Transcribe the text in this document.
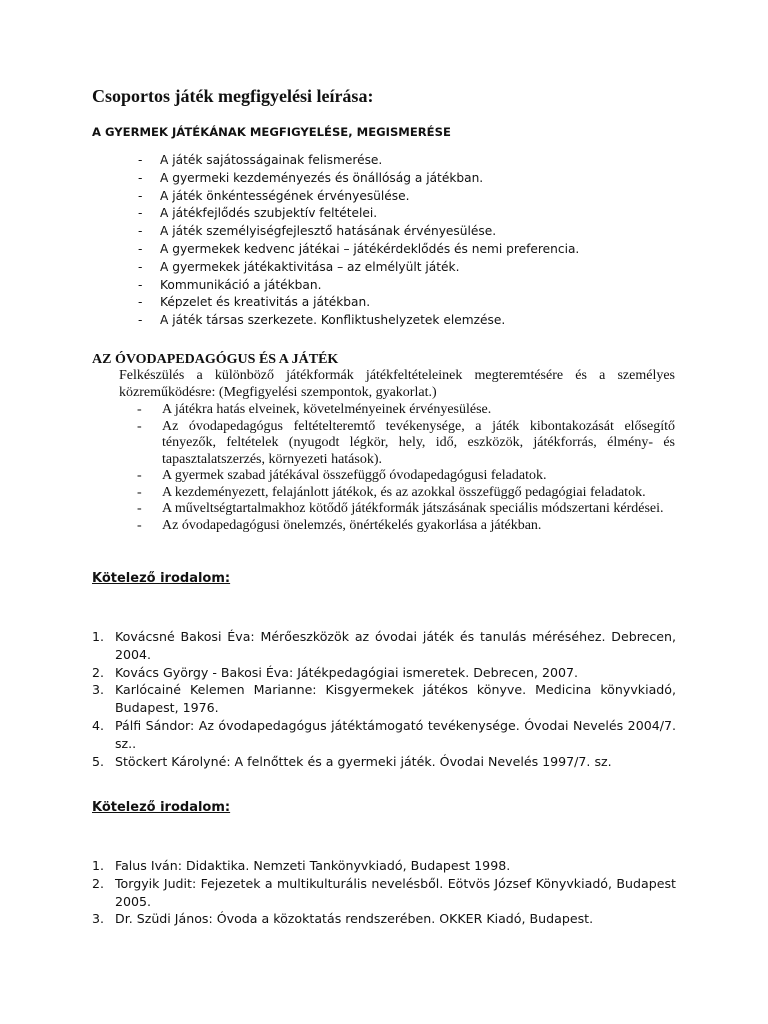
Csoportos játék megfigyelési leírása:
A GYERMEK JÁTÉKÁNAK MEGFIGYELÉSE, MEGISMERÉSE
- A játék sajátosságainak felismerése.
- A gyermeki kezdeményezés és önállóság a játékban.
- A játék önkéntességének érvényesülése.
- A játékfejlődés szubjektív feltételei.
- A játék személyiségfejlesztő hatásának érvényesülése.
- A gyermekek kedvenc játékai – játékérdeklődés és nemi preferencia.
- A gyermekek játékaktivitása – az elmélyült játék.
- Kommunikáció a játékban.
- Képzelet és kreativitás a játékban.
- A játék társas szerkezete. Konfliktushelyzetek elemzése.
AZ ÓVODAPEDAGÓGUS ÉS A JÁTÉK
Felkészülés a különböző játékformák játékfeltételeinek megteremtésére és a személyes közreműködésre: (Megfigyelési szempontok, gyakorlat.)
- A játékra hatás elveinek, követelményeinek érvényesülése.
- Az óvodapedagógus feltételteremtő tevékenysége, a játék kibontakozását elősegítő tényezők, feltételek (nyugodt légkör, hely, idő, eszközök, játékforrás, élmény- és tapasztalatszerzés, környezeti hatások).
- A gyermek szabad játékával összefüggő óvodapedagógusi feladatok.
- A kezdeményezett, felajánlott játékok, és az azokkal összefüggő pedagógiai feladatok.
- A műveltségtartalmakhoz kötődő játékformák játszásának speciális módszertani kérdései.
- Az óvodapedagógusi önelemzés, önértékelés gyakorlása a játékban.
Kötelező irodalom:
1. Kovácsné Bakosi Éva: Mérőeszközök az óvodai játék és tanulás méréséhez. Debrecen, 2004.
2. Kovács György - Bakosi Éva: Játékpedagógiai ismeretek. Debrecen, 2007.
3. Karlócainé Kelemen Marianne: Kisgyermekek játékos könyve. Medicina könyvkiadó, Budapest, 1976.
4. Pálfi Sándor: Az óvodapedagógus játéktámogató tevékenysége. Óvodai Nevelés 2004/7. sz..
5. Stöckert Károlyné: A felnőttek és a gyermeki játék. Óvodai Nevelés 1997/7. sz.
Kötelező irodalom:
1. Falus Iván: Didaktika. Nemzeti Tankönyvkiadó, Budapest 1998.
2. Torgyik Judit: Fejezetek a multikulturális nevelésből. Eötvös József Könyvkiadó, Budapest 2005.
3. Dr. Szüdi János: Óvoda a közoktatás rendszerében. OKKER Kiadó, Budapest.
